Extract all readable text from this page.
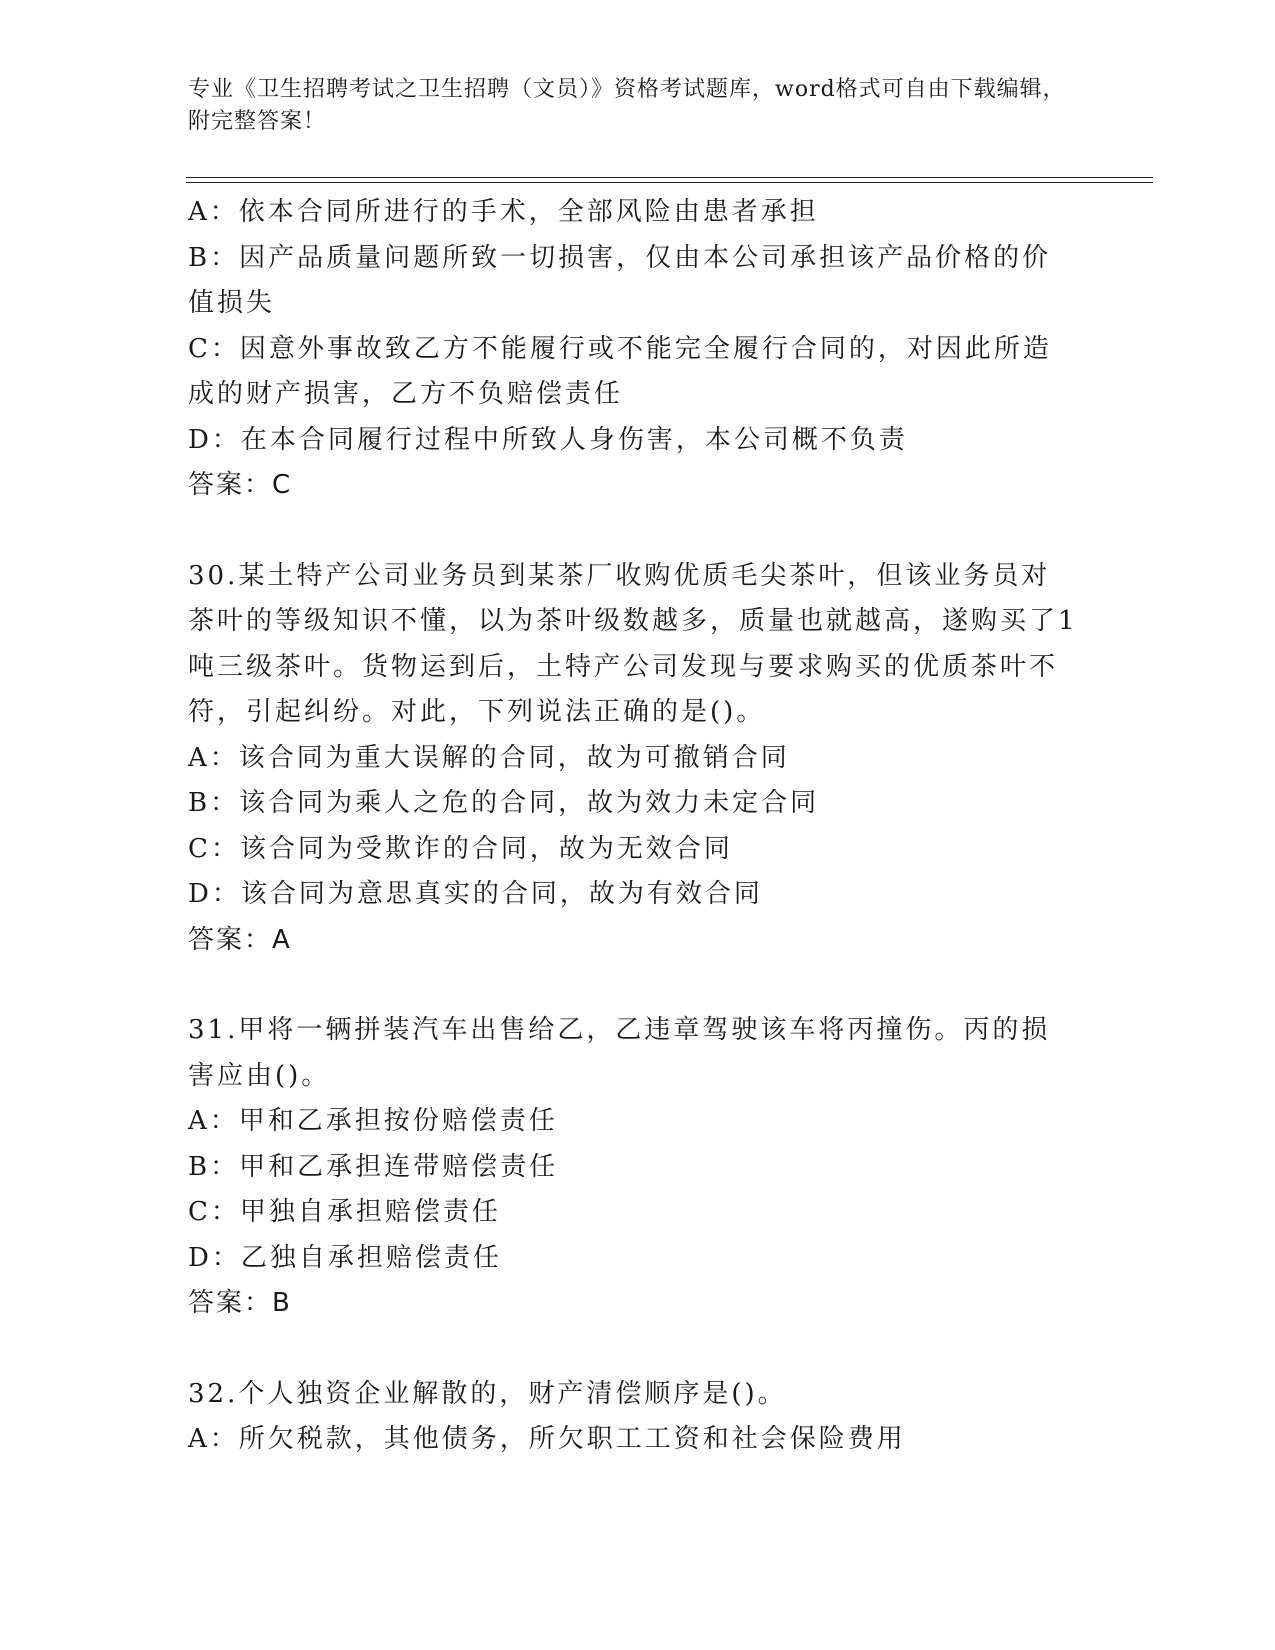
专业《卫生招聘考试之卫生招聘（文员）》资格考试题库，word格式可自由下载编辑，附完整答案！

A：依本合同所进行的手术，全部风险由患者承担

B：因产品质量问题所致一切损害，仅由本公司承担该产品价格的价值损失

C：因意外事故致乙方不能履行或不能完全履行合同的，对因此所造成的财产损害，乙方不负赔偿责任

D：在本合同履行过程中所致人身伤害，本公司概不负责

答案：C

30.某土特产公司业务员到某茶厂收购优质毛尖茶叶，但该业务员对茶叶的等级知识不懂，以为茶叶级数越多，质量也就越高，遂购买了1吨三级茶叶。货物运到后，土特产公司发现与要求购买的优质茶叶不符，引起纠纷。对此，下列说法正确的是()。

A：该合同为重大误解的合同，故为可撤销合同

B：该合同为乘人之危的合同，故为效力未定合同

C：该合同为受欺诈的合同，故为无效合同

D：该合同为意思真实的合同，故为有效合同

答案：A

31.甲将一辆拼装汽车出售给乙，乙违章驾驶该车将丙撞伤。丙的损害应由()。

A：甲和乙承担按份赔偿责任

B：甲和乙承担连带赔偿责任

C：甲独自承担赔偿责任

D：乙独自承担赔偿责任

答案：B

32.个人独资企业解散的，财产清偿顺序是()。

A：所欠税款，其他债务，所欠职工工资和社会保险费用
